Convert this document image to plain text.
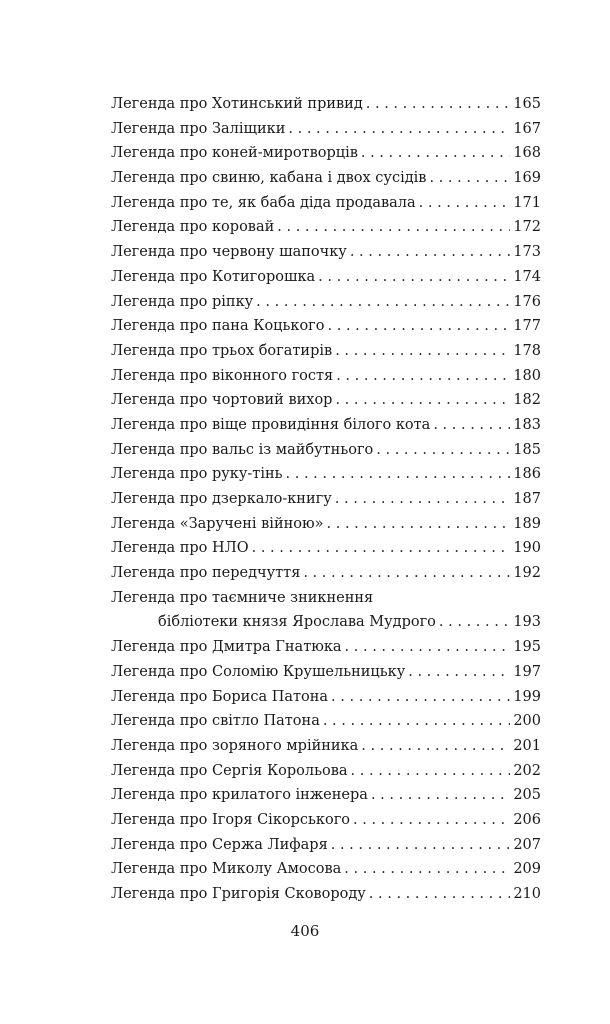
Легенда про Хотинський привид . . .	165
Легенда про Заліщики . . .	167
Легенда про коней-миротворців . . .	168
Легенда про свиню, кабана і двох сусідів . . .	169
Легенда про те, як баба діда продавала . . .	171
Легенда про коровай . . .	172
Легенда про червону шапочку . . .	173
Легенда про Котигорошка . . .	174
Легенда про ріпку . . .	176
Легенда про пана Коцького . . .	177
Легенда про трьох богатирів . . .	178
Легенда про віконного гостя . . .	180
Легенда про чортовий вихор . . .	182
Легенда про віще провидіння білого кота . . .	183
Легенда про вальс із майбутнього . . .	185
Легенда про руку-тінь . . .	186
Легенда про дзеркало-книгу . . .	187
Легенда «Заручені війною» . . .	189
Легенда про НЛО . . .	190
Легенда про передчуття . . .	192
Легенда про таємниче зникнення
бібліотеки князя Ярослава Мудрого . . .	193
Легенда про Дмитра Гнатюка . . .	195
Легенда про Соломію Крушельницьку . . .	197
Легенда про Бориса Патона . . .	199
Легенда про світло Патона . . .	200
Легенда про зоряного мрійника . . .	201
Легенда про Сергія Корольова . . .	202
Легенда про крилатого інженера . . .	205
Легенда про Ігоря Сікорського . . .	206
Легенда про Сержа Лифаря . . .	207
Легенда про Миколу Амосова . . .	209
Легенда про Григорія Сковороду . . .	210
406
